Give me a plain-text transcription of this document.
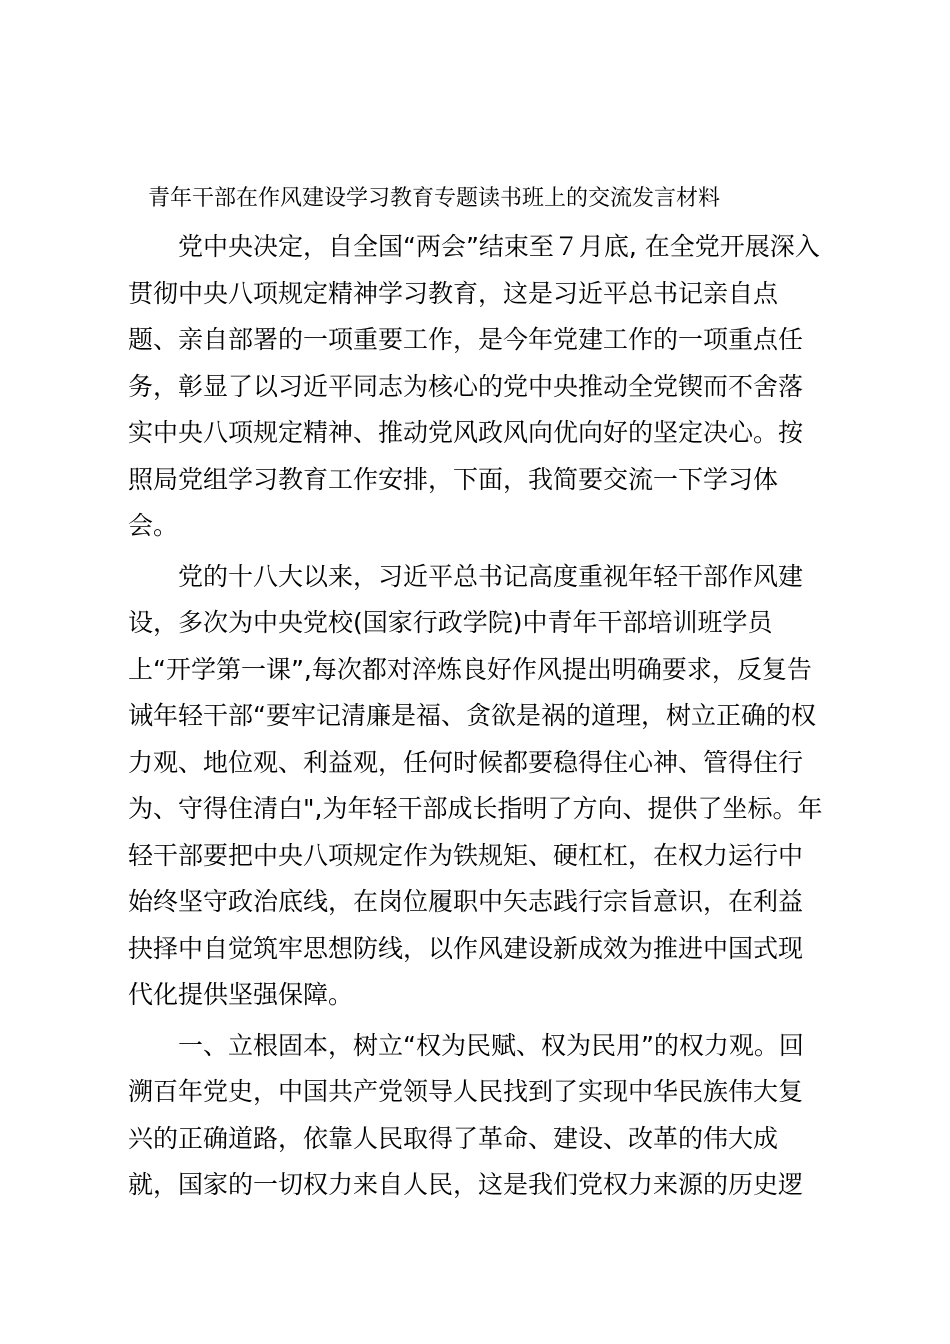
青年干部在作风建设学习教育专题读书班上的交流发言材料

党中央决定，自全国“两会”结束至７月底, 在全党开展深入贯彻中央八项规定精神学习教育，这是习近平总书记亲自点题、亲自部署的一项重要工作，是今年党建工作的一项重点任务，彰显了以习近平同志为核心的党中央推动全党锲而不舍落实中央八项规定精神、推动党风政风向优向好的坚定决心。按照局党组学习教育工作安排，下面，我简要交流一下学习体会。

党的十八大以来，习近平总书记高度重视年轻干部作风建设，多次为中央党校(国家行政学院)中青年干部培训班学员上“开学第一课”,每次都对淬炼良好作风提出明确要求，反复告诫年轻干部“要牢记清廉是福、贪欲是祸的道理，树立正确的权力观、地位观、利益观，任何时候都要稳得住心神、管得住行为、守得住清白",为年轻干部成长指明了方向、提供了坐标。年轻干部要把中央八项规定作为铁规矩、硬杠杠，在权力运行中始终坚守政治底线，在岗位履职中矢志践行宗旨意识，在利益抉择中自觉筑牢思想防线，以作风建设新成效为推进中国式现代化提供坚强保障。

一、立根固本，树立“权为民赋、权为民用”的权力观。回溯百年党史，中国共产党领导人民找到了实现中华民族伟大复兴的正确道路，依靠人民取得了革命、建设、改革的伟大成就，国家的一切权力来自人民，这是我们党权力来源的历史逻
